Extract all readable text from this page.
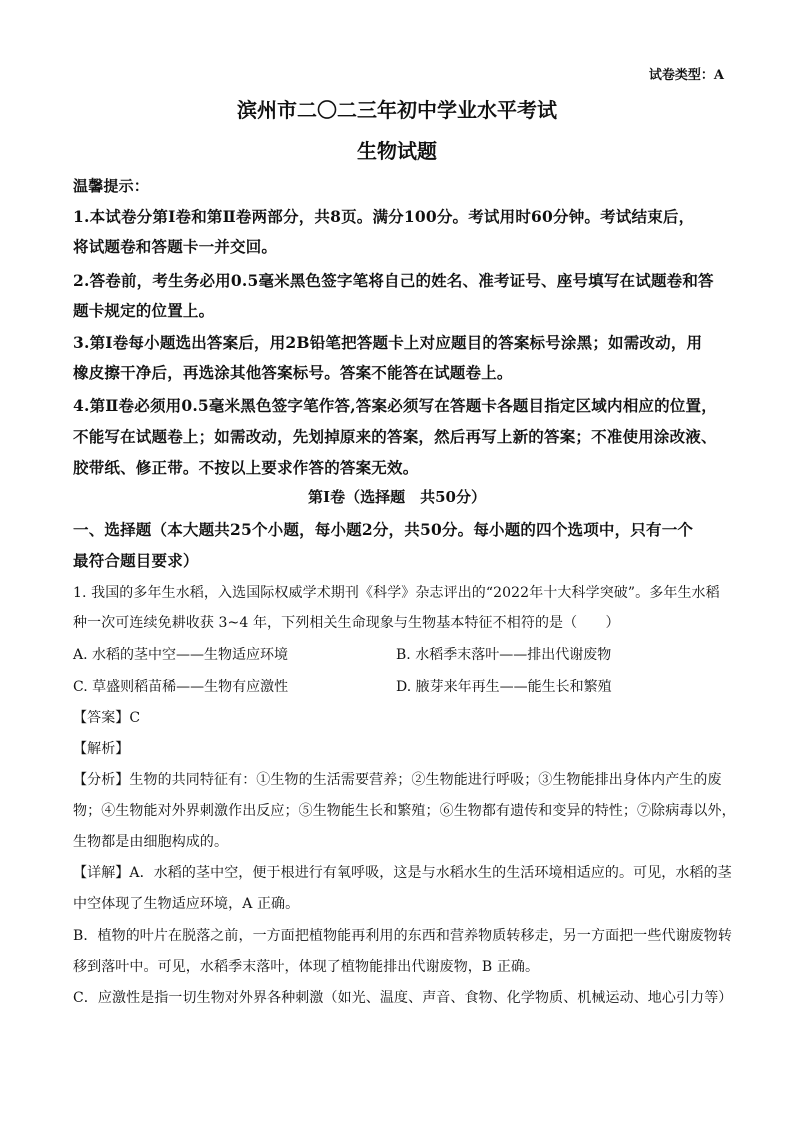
试卷类型：A
滨州市二〇二三年初中学业水平考试
生物试题
温馨提示：
1.本试卷分第Ⅰ卷和第Ⅱ卷两部分，共8页。满分100分。考试用时60分钟。考试结束后，
将试题卷和答题卡一并交回。
2.答卷前，考生务必用0.5毫米黑色签字笔将自己的姓名、准考证号、座号填写在试题卷和答
题卡规定的位置上。
3.第Ⅰ卷每小题选出答案后，用2B铅笔把答题卡上对应题目的答案标号涂黑；如需改动，用
橡皮擦干净后，再选涂其他答案标号。答案不能答在试题卷上。
4.第Ⅱ卷必须用0.5毫米黑色签字笔作答,答案必须写在答题卡各题目指定区域内相应的位置，
不能写在试题卷上；如需改动，先划掉原来的答案，然后再写上新的答案；不准使用涂改液、
胶带纸、修正带。不按以上要求作答的答案无效。
第Ⅰ卷（选择题　共50分）
一、选择题（本大题共25个小题，每小题2分，共50分。每小题的四个选项中，只有一个
最符合题目要求）
1. 我国的多年生水稻，入选国际权威学术期刊《科学》杂志评出的“2022年十大科学突破”。多年生水稻
种一次可连续免耕收获 3~4 年，下列相关生命现象与生物基本特征不相符的是（　　）
A. 水稻的茎中空——生物适应环境	B. 水稻季末落叶——排出代谢废物
C. 草盛则稻苗稀——生物有应激性	D. 腋芽来年再生——能生长和繁殖
【答案】C
【解析】
【分析】生物的共同特征有：①生物的生活需要营养；②生物能进行呼吸；③生物能排出身体内产生的废
物；④生物能对外界刺激作出反应；⑤生物能生长和繁殖；⑥生物都有遗传和变异的特性；⑦除病毒以外，
生物都是由细胞构成的。
【详解】A．水稻的茎中空，便于根进行有氧呼吸，这是与水稻水生的生活环境相适应的。可见，水稻的茎
中空体现了生物适应环境，A 正确。
B．植物的叶片在脱落之前，一方面把植物能再利用的东西和营养物质转移走，另一方面把一些代谢废物转
移到落叶中。可见，水稻季末落叶，体现了植物能排出代谢废物，B 正确。
C．应激性是指一切生物对外界各种刺激（如光、温度、声音、食物、化学物质、机械运动、地心引力等）
